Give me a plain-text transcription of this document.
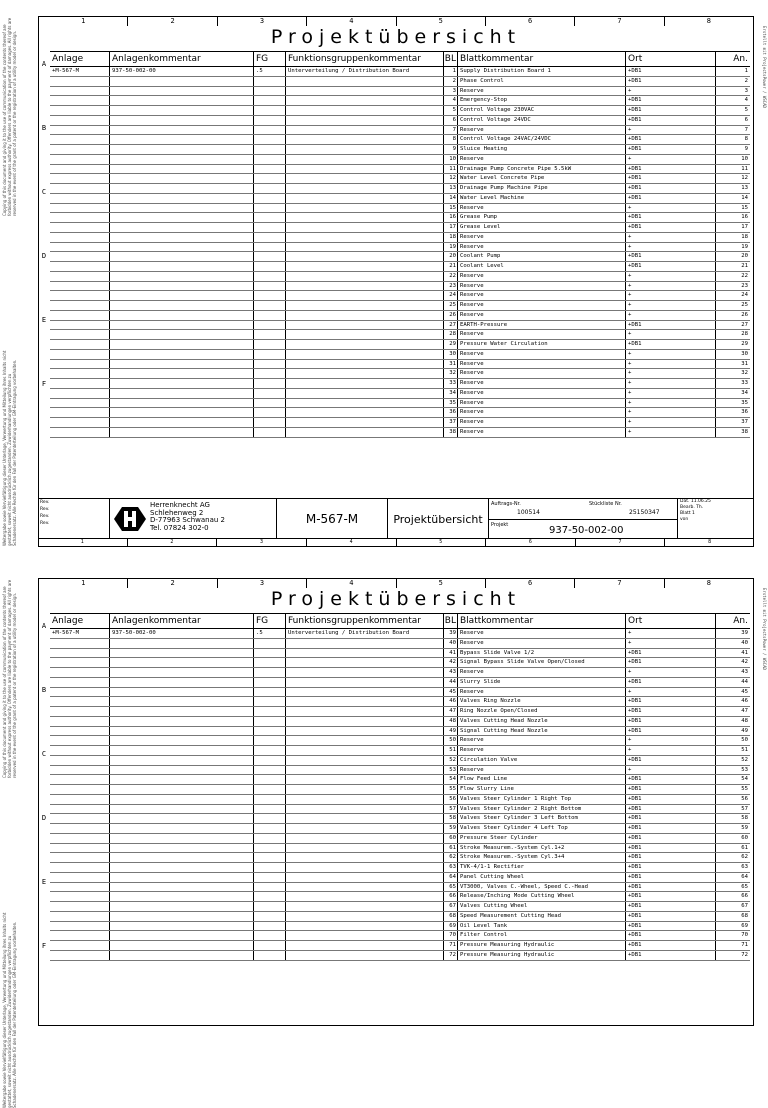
1	2	3	4	5	6	7	8
Projektübersicht
Copying of this document and giving it to the use of communication of the contents thereof are forbidden without express authority. Offenders are liable to the payment of damages. All rights are reserved in the event of the grant of a patent or the registration of a utility model or design.
Weitergabe sowie Vervielfältigung dieser Unterlage, Verwertung und Mitteilung ihres Inhalts nicht gestattet, soweit nicht ausdrücklich zugestanden. Zuwiderhandlungen verpflichten zu Schadenersatz. Alle Rechte für den Fall der Patenterteilung oder GM-Eintragung vorbehalten.
Erstellt mit ProjectsPower / WSCAD
Anlage	Anlagenkommentar	FG	Funktionsgruppenkommentar	BL Blattkommentar	Ort	An.
A
B
C
D
E
F
+M-567-M	937-50-002-00	.5	Unterverteilung / Distribution Board	1 Supply Distribution Board 1	+DB1	1
2 Phase Control	+DB1	2
3 Reserve	+	3
4 Emergency-Stop	+DB1	4
5 Control Voltage 230VAC	+DB1	5
6 Control Voltage 24VDC	+DB1	6
7 Reserve	+	7
8 Control Voltage 24VAC/24VDC	+DB1	8
9 Sluice Heating	+DB1	9
10 Reserve	+	10
11 Drainage Pump Concrete Pipe 5.5kW	+DB1	11
12 Water Level Concrete Pipe	+DB1	12
13 Drainage Pump Machine Pipe	+DB1	13
14 Water Level Machine	+DB1	14
15 Reserve	+	15
16 Grease Pump	+DB1	16
17 Grease Level	+DB1	17
18 Reserve	+	18
19 Reserve	+	19
20 Coolant Pump	+DB1	20
21 Coolant Level	+DB1	21
22 Reserve	+	22
23 Reserve	+	23
24 Reserve	+	24
25 Reserve	+	25
26 Reserve	+	26
27 EARTH-Pressure	+DB1	27
28 Reserve	+	28
29 Pressure Water Circulation	+DB1	29
30 Reserve	+	30
31 Reserve	+	31
32 Reserve	+	32
33 Reserve	+	33
34 Reserve	+	34
35 Reserve	+	35
36 Reserve	+	36
37 Reserve	+	37
38 Reserve	+	38
Rev.
Rev.
Rev.
Rev.
Herrenknecht AG
Schlehenweg 2
D-77963 Schwanau 2
Tel. 07824 302-0
M-567-M	Projektübersicht
Auftrags-Nr.
100514
Stückliste Nr.
25150347
Projekt	937-50-002-00
Dat. 11.06.25
Bearb. Th.
Blatt 1
von
1	2	3	4	5	6	7	8
1	2	3	4	5	6	7	8
Projektübersicht
Copying of this document and giving it to the use of communication of the contents thereof are forbidden without express authority. Offenders are liable to the payment of damages. All rights are reserved in the event of the grant of a patent or the registration of a utility model or design.
Weitergabe sowie Vervielfältigung dieser Unterlage, Verwertung und Mitteilung ihres Inhalts nicht gestattet, soweit nicht ausdrücklich zugestanden. Zuwiderhandlungen verpflichten zu Schadenersatz. Alle Rechte für den Fall der Patenterteilung oder GM-Eintragung vorbehalten.
Erstellt mit ProjectsPower / WSCAD
Anlage	Anlagenkommentar	FG	Funktionsgruppenkommentar	BL Blattkommentar	Ort	An.
A
B
C
D
E
F
+M-567-M	937-50-002-00	.5	Unterverteilung / Distribution Board	39 Reserve	+	39
40 Reserve	+	40
41 Bypass Slide Valve 1/2	+DB1	41
42 Signal Bypass Slide Valve Open/Closed	+DB1	42
43 Reserve	+	43
44 Slurry Slide	+DB1	44
45 Reserve	+	45
46 Valves Ring Nozzle	+DB1	46
47 Ring Nozzle Open/Closed	+DB1	47
48 Valves Cutting Head Nozzle	+DB1	48
49 Signal Cutting Head Nozzle	+DB1	49
50 Reserve	+	50
51 Reserve	+	51
52 Circulation Valve	+DB1	52
53 Reserve	+	53
54 Flow Feed Line	+DB1	54
55 Flow Slurry Line	+DB1	55
56 Valves Steer Cylinder 1 Right Top	+DB1	56
57 Valves Steer Cylinder 2 Right Bottom	+DB1	57
58 Valves Steer Cylinder 3 Left Bottom	+DB1	58
59 Valves Steer Cylinder 4 Left Top	+DB1	59
60 Pressure Steer Cylinder	+DB1	60
61 Stroke Measurem.-System Cyl.1+2	+DB1	61
62 Stroke Measurem.-System Cyl.3+4	+DB1	62
63 TVK-4/1-1 Rectifier	+DB1	63
64 Panel Cutting Wheel	+DB1	64
65 VT3000, Valves C.-Wheel, Speed C.-Head	+DB1	65
66 Release/Inching Mode Cutting Wheel	+DB1	66
67 Valves Cutting Wheel	+DB1	67
68 Speed Measurement Cutting Head	+DB1	68
69 Oil Level Tank	+DB1	69
70 Filter Control	+DB1	70
71 Pressure Measuring Hydraulic	+DB1	71
72 Pressure Measuring Hydraulic	+DB1	72
